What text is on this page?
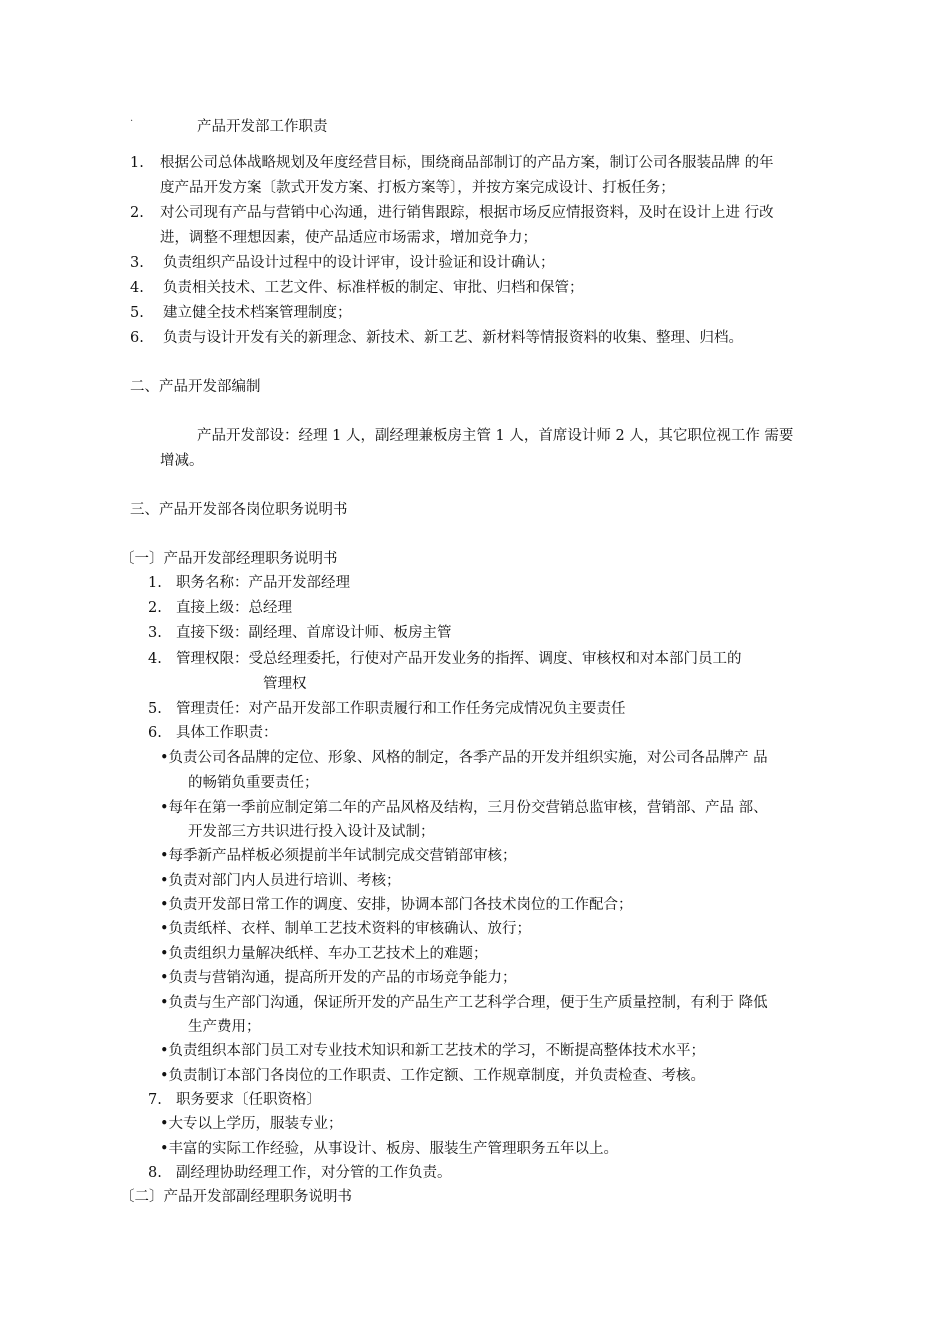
·	产品开发部工作职责
1. 根据公司总体战略规划及年度经营目标，围绕商品部制订的产品方案，制订公司各服装品牌 的年
度产品开发方案〔款式开发方案、打板方案等〕，并按方案完成设计、打板任务；
2. 对公司现有产品与营销中心沟通，进行销售跟踪，根据市场反应情报资料，及时在设计上进 行改
进，调整不理想因素，使产品适应市场需求，增加竞争力；
3. 负责组织产品设计过程中的设计评审，设计验证和设计确认；
4. 负责相关技术、工艺文件、标准样板的制定、审批、归档和保管；
5. 建立健全技术档案管理制度；
6. 负责与设计开发有关的新理念、新技术、新工艺、新材料等情报资料的收集、整理、归档。
二、产品开发部编制
产品开发部设：经理 1 人，副经理兼板房主管 1 人，首席设计师 2 人，其它职位视工作 需要
增减。
三、产品开发部各岗位职务说明书
〔一〕产品开发部经理职务说明书
1. 职务名称：产品开发部经理
2. 直接上级：总经理
3. 直接下级：副经理、首席设计师、板房主管
4. 管理权限：受总经理委托，行使对产品开发业务的指挥、调度、审核权和对本部门员工的
管理权
5. 管理责任：对产品开发部工作职责履行和工作任务完成情况负主要责任
6. 具体工作职责：
•负责公司各品牌的定位、形象、风格的制定，各季产品的开发并组织实施，对公司各品牌产 品
的畅销负重要责任；
•每年在第一季前应制定第二年的产品风格及结构，三月份交营销总监审核，营销部、产品 部、
开发部三方共识进行投入设计及试制；
•每季新产品样板必须提前半年试制完成交营销部审核；
•负责对部门内人员进行培训、考核；
•负责开发部日常工作的调度、安排，协调本部门各技术岗位的工作配合；
•负责纸样、衣样、制单工艺技术资料的审核确认、放行；
•负责组织力量解决纸样、车办工艺技术上的难题；
•负责与营销沟通，提高所开发的产品的市场竞争能力；
•负责与生产部门沟通，保证所开发的产品生产工艺科学合理，便于生产质量控制，有利于 降低
生产费用；
•负责组织本部门员工对专业技术知识和新工艺技术的学习，不断提高整体技术水平；
•负责制订本部门各岗位的工作职责、工作定额、工作规章制度，并负责检查、考核。
7. 职务要求〔任职资格〕
•大专以上学历，服装专业；
•丰富的实际工作经验，从事设计、板房、服装生产管理职务五年以上。
8. 副经理协助经理工作，对分管的工作负责。
〔二〕产品开发部副经理职务说明书
